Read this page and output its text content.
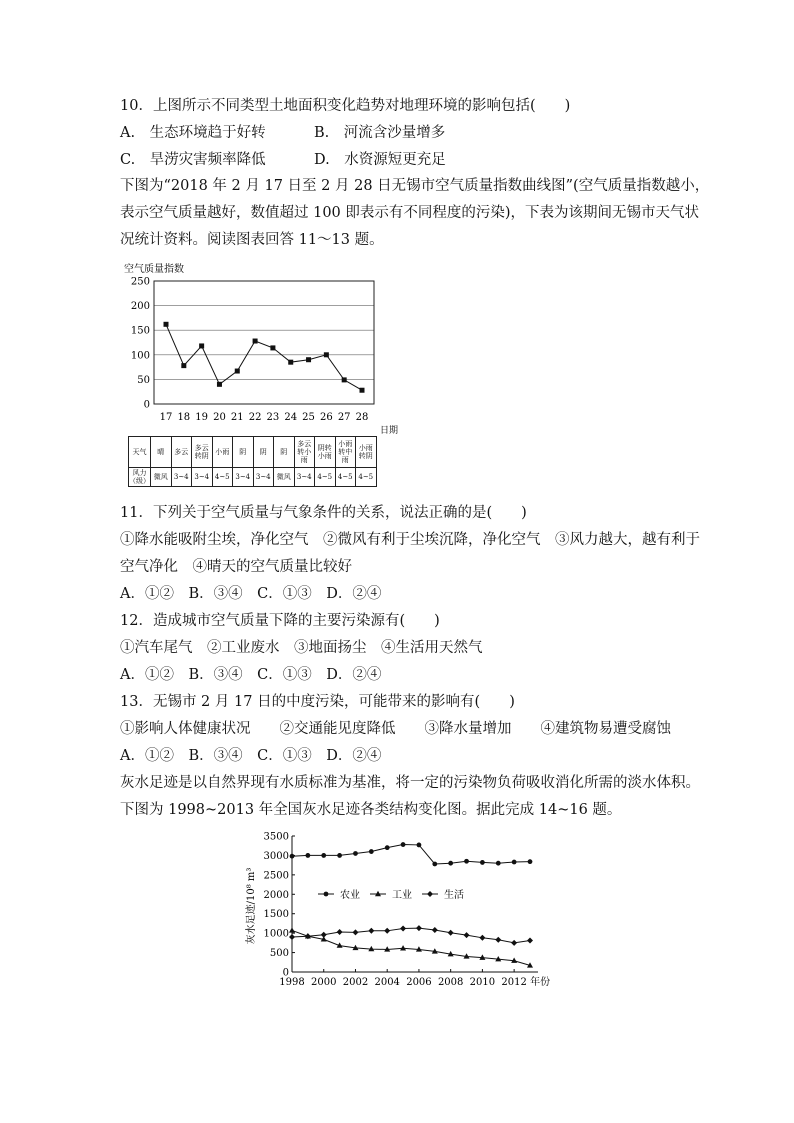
10．上图所示不同类型土地面积变化趋势对地理环境的影响包括(　　)
A.　生态环境趋于好转	B.　河流含沙量增多
C.　旱涝灾害频率降低	D.　水资源短更充足
下图为“2018 年 2 月 17 日至 2 月 28 日无锡市空气质量指数曲线图”(空气质量指数越小，
表示空气质量越好，数值超过 100 即表示有不同程度的污染)，下表为该期间无锡市天气状
况统计资料。阅读图表回答 11～13 题。
0
50
100
150
200
250
17 18 19 20 21 22 23 24 25 26 27 28
空气质量指数
日期
天气	晴	多云	多云转阴	小雨	阴	阴	阴	多云转小雨	阴转小雨	小雨转中雨	小雨转阴
风力（级）	微风	3~4	3~4	4~5	3~4	3~4	微风	3~4	4~5	4~5	4~5
11．下列关于空气质量与气象条件的关系，说法正确的是(　　)
①降水能吸附尘埃，净化空气　②微风有利于尘埃沉降，净化空气　③风力越大，越有利于
空气净化　④晴天的空气质量比较好
A．①②　B．③④　C．①③　D．②④
12．造成城市空气质量下降的主要污染源有(　　)
①汽车尾气　②工业废水　③地面扬尘　④生活用天然气
A．①②　B．③④　C．①③　D．②④
13．无锡市 2 月 17 日的中度污染，可能带来的影响有(　　)
①影响人体健康状况　　②交通能见度降低　　③降水量增加　　④建筑物易遭受腐蚀
A．①②　B．③④　C．①③　D．②④
灰水足迹是以自然界现有水质标准为基准，将一定的污染物负荷吸收消化所需的淡水体积。
下图为 1998~2013 年全国灰水足迹各类结构变化图。据此完成 14~16 题。
0
500
1000
1500
2000
2500
3000
3500
1998 2000 2002 2004 2006 2008 2010 2012 年份
农业	工业	生活
灰水足迹/10⁸ m³
